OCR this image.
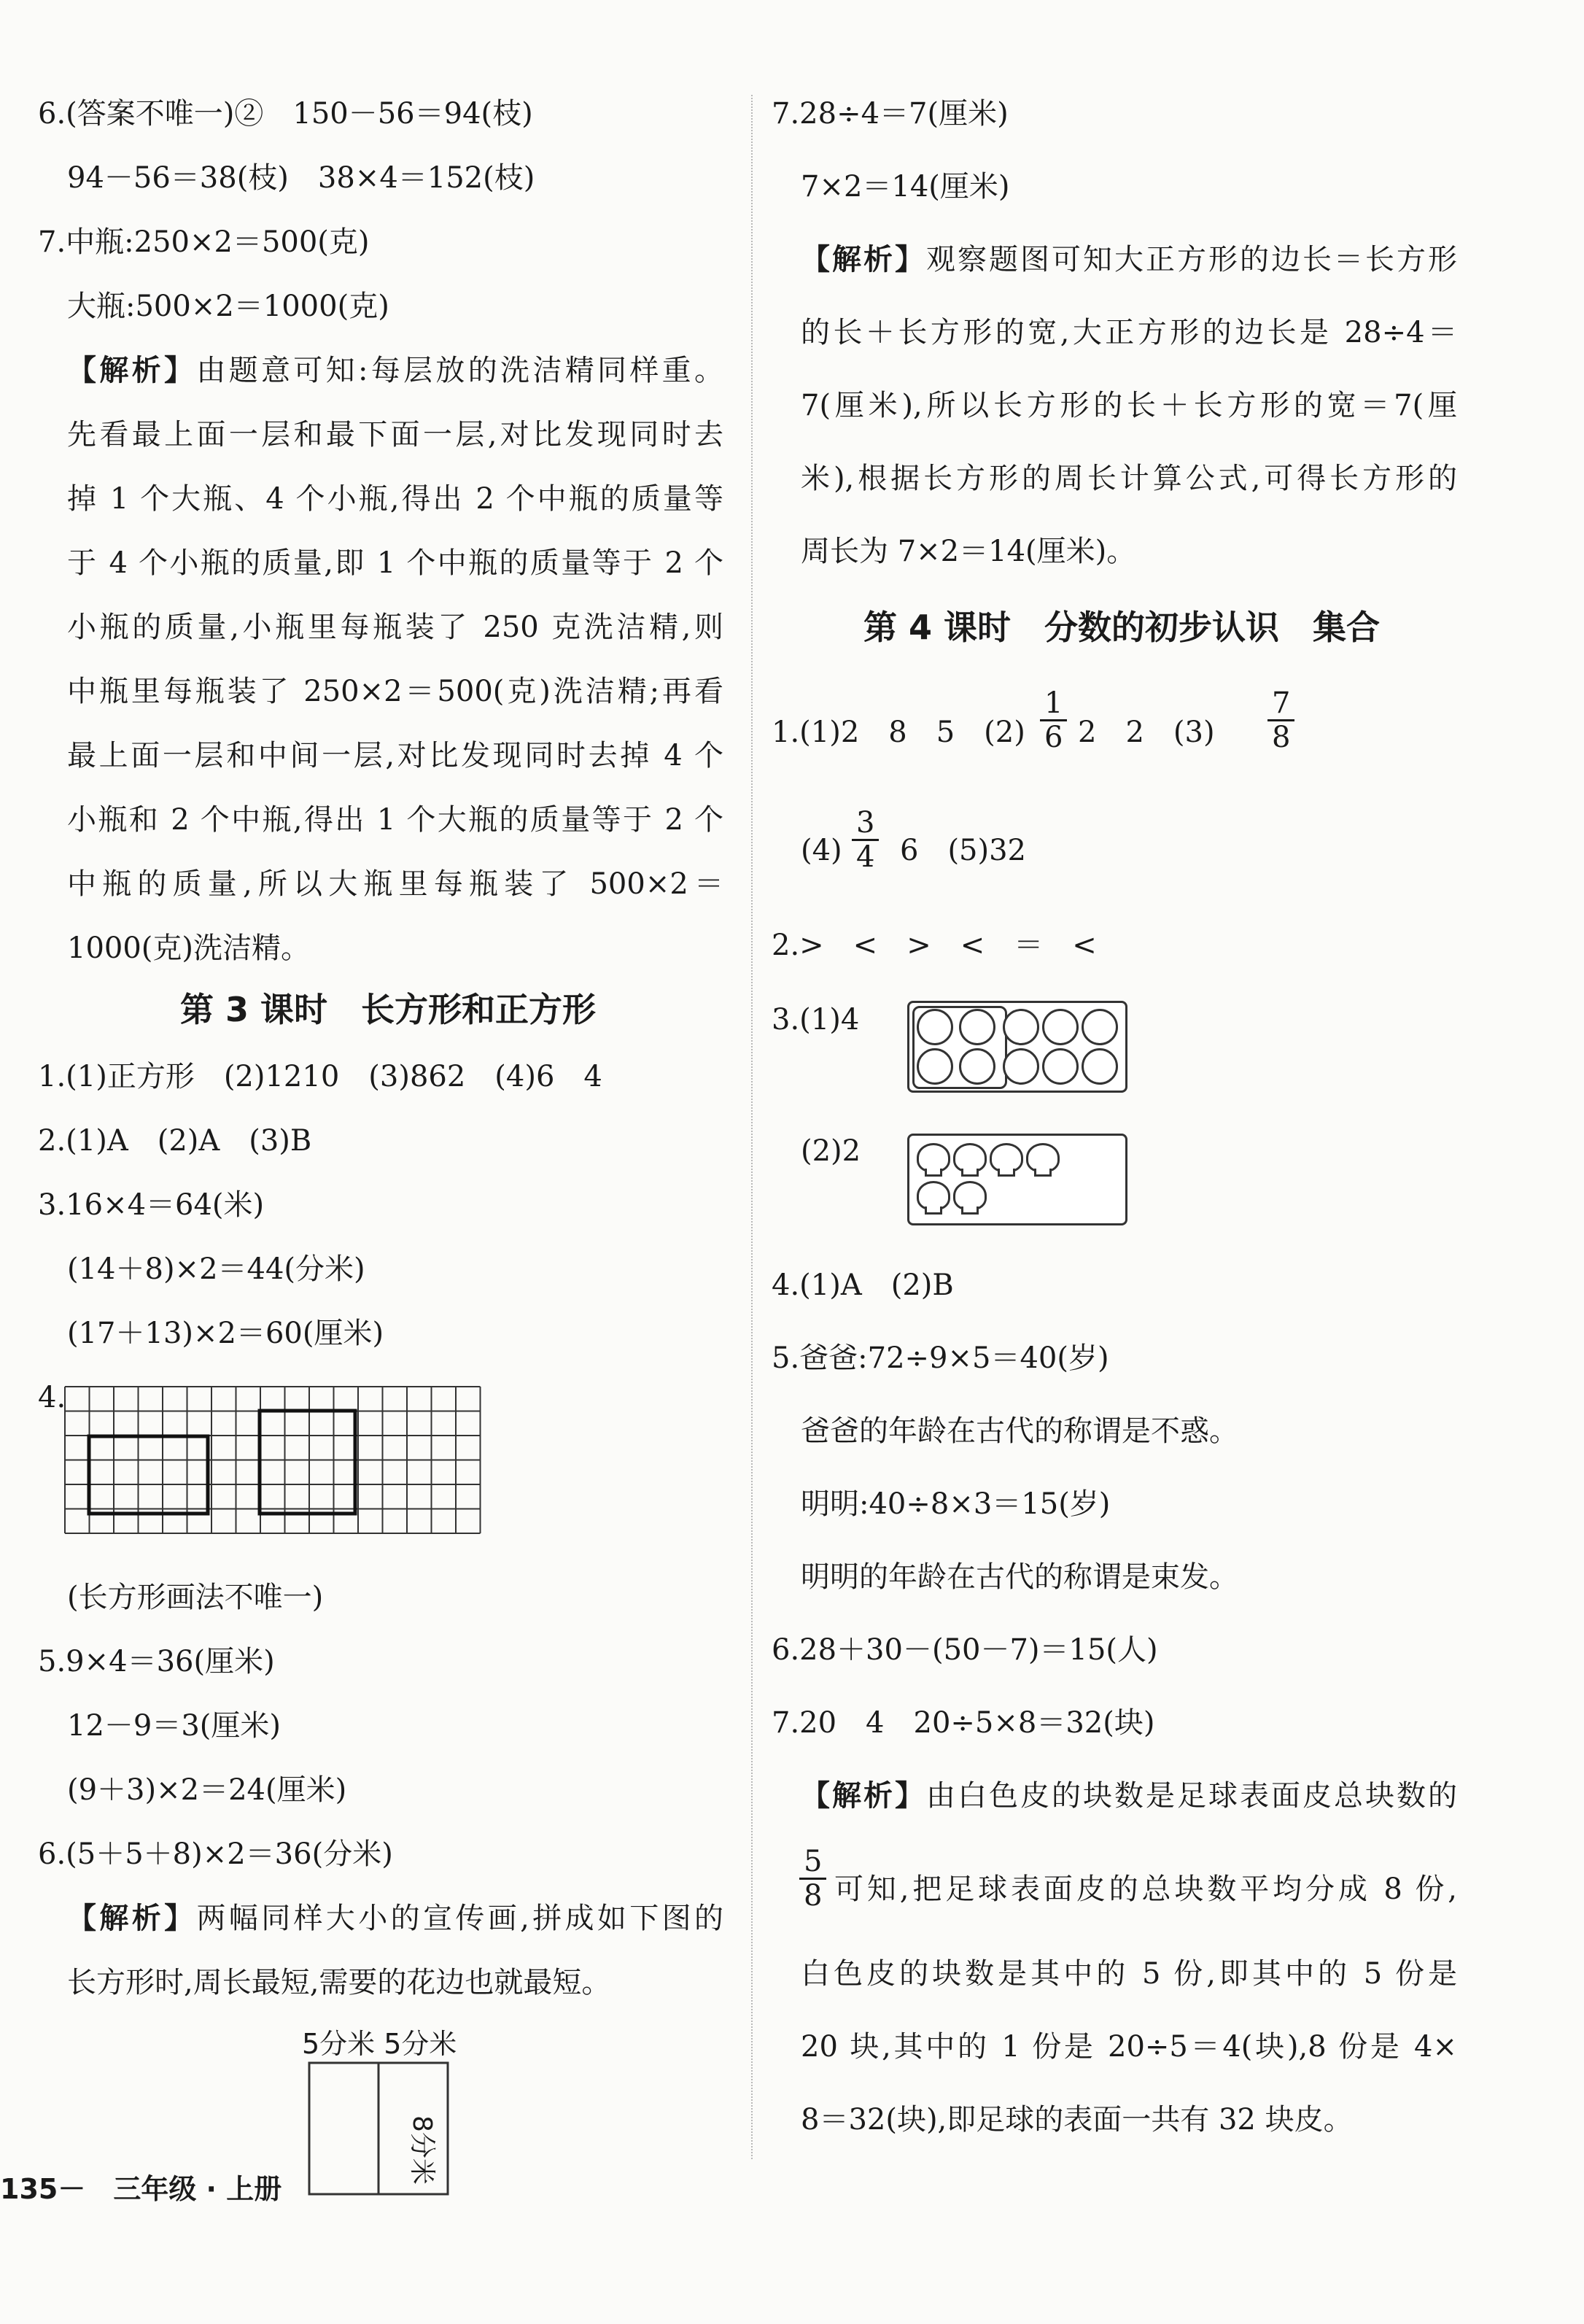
6.(答案不唯一)②　150－56＝94(枝)
94－56＝38(枝)　38×4＝152(枝)
7.中瓶:250×2＝500(克)
大瓶:500×2＝1000(克)
【解析】由题意可知:每层放的洗洁精同样重。
先看最上面一层和最下面一层,对比发现同时去
掉 1 个大瓶、4 个小瓶,得出 2 个中瓶的质量等
于 4 个小瓶的质量,即 1 个中瓶的质量等于 2 个
小瓶的质量,小瓶里每瓶装了 250 克洗洁精,则
中瓶里每瓶装了 250×2＝500(克)洗洁精;再看
最上面一层和中间一层,对比发现同时去掉 4 个
小瓶和 2 个中瓶,得出 1 个大瓶的质量等于 2 个
中瓶的质量,所以大瓶里每瓶装了 500×2＝
1000(克)洗洁精。
第 3 课时　长方形和正方形
1.(1)正方形　(2)1210　(3)862　(4)6　4
2.(1)A　(2)A　(3)B
3.16×4＝64(米)
(14＋8)×2＝44(分米)
(17＋13)×2＝60(厘米)
4.
(长方形画法不唯一)
5.9×4＝36(厘米)
12－9＝3(厘米)
(9＋3)×2＝24(厘米)
6.(5＋5＋8)×2＝36(分米)
【解析】两幅同样大小的宣传画,拼成如下图的
长方形时,周长最短,需要的花边也就最短。
5分米 5分米
8分米
7.28÷4＝7(厘米)
7×2＝14(厘米)
【解析】观察题图可知大正方形的边长＝长方形
的长＋长方形的宽,大正方形的边长是 28÷4＝
7(厘米),所以长方形的长＋长方形的宽＝7(厘
米),根据长方形的周长计算公式,可得长方形的
周长为 7×2＝14(厘米)。
第 4 课时　分数的初步认识　集合
1.(1)2　8　5　$(2) \frac{1}{6} 2$　2　$(3) \frac{7}{8}$
$(4) \frac{3}{4} 6$　(5)32
2.>　<　>　<　＝　<
3.(1)4
(2)2
4.(1)A　(2)B
5.爸爸:72÷9×5＝40(岁)
爸爸的年龄在古代的称谓是不惑。
明明:40÷8×3＝15(岁)
明明的年龄在古代的称谓是束发。
6.28＋30－(50－7)＝15(人)
7.20　4　20÷5×8＝32(块)
【解析】由白色皮的块数是足球表面皮总块数的
$\frac{5}{8}$ 可知,把足球表面皮的总块数平均分成 8 份,
白色皮的块数是其中的 5 份,即其中的 5 份是
20 块,其中的 1 份是 20÷5＝4(块),8 份是 4×
8＝32(块),即足球的表面一共有 32 块皮。
135－　三年级 · 上册
